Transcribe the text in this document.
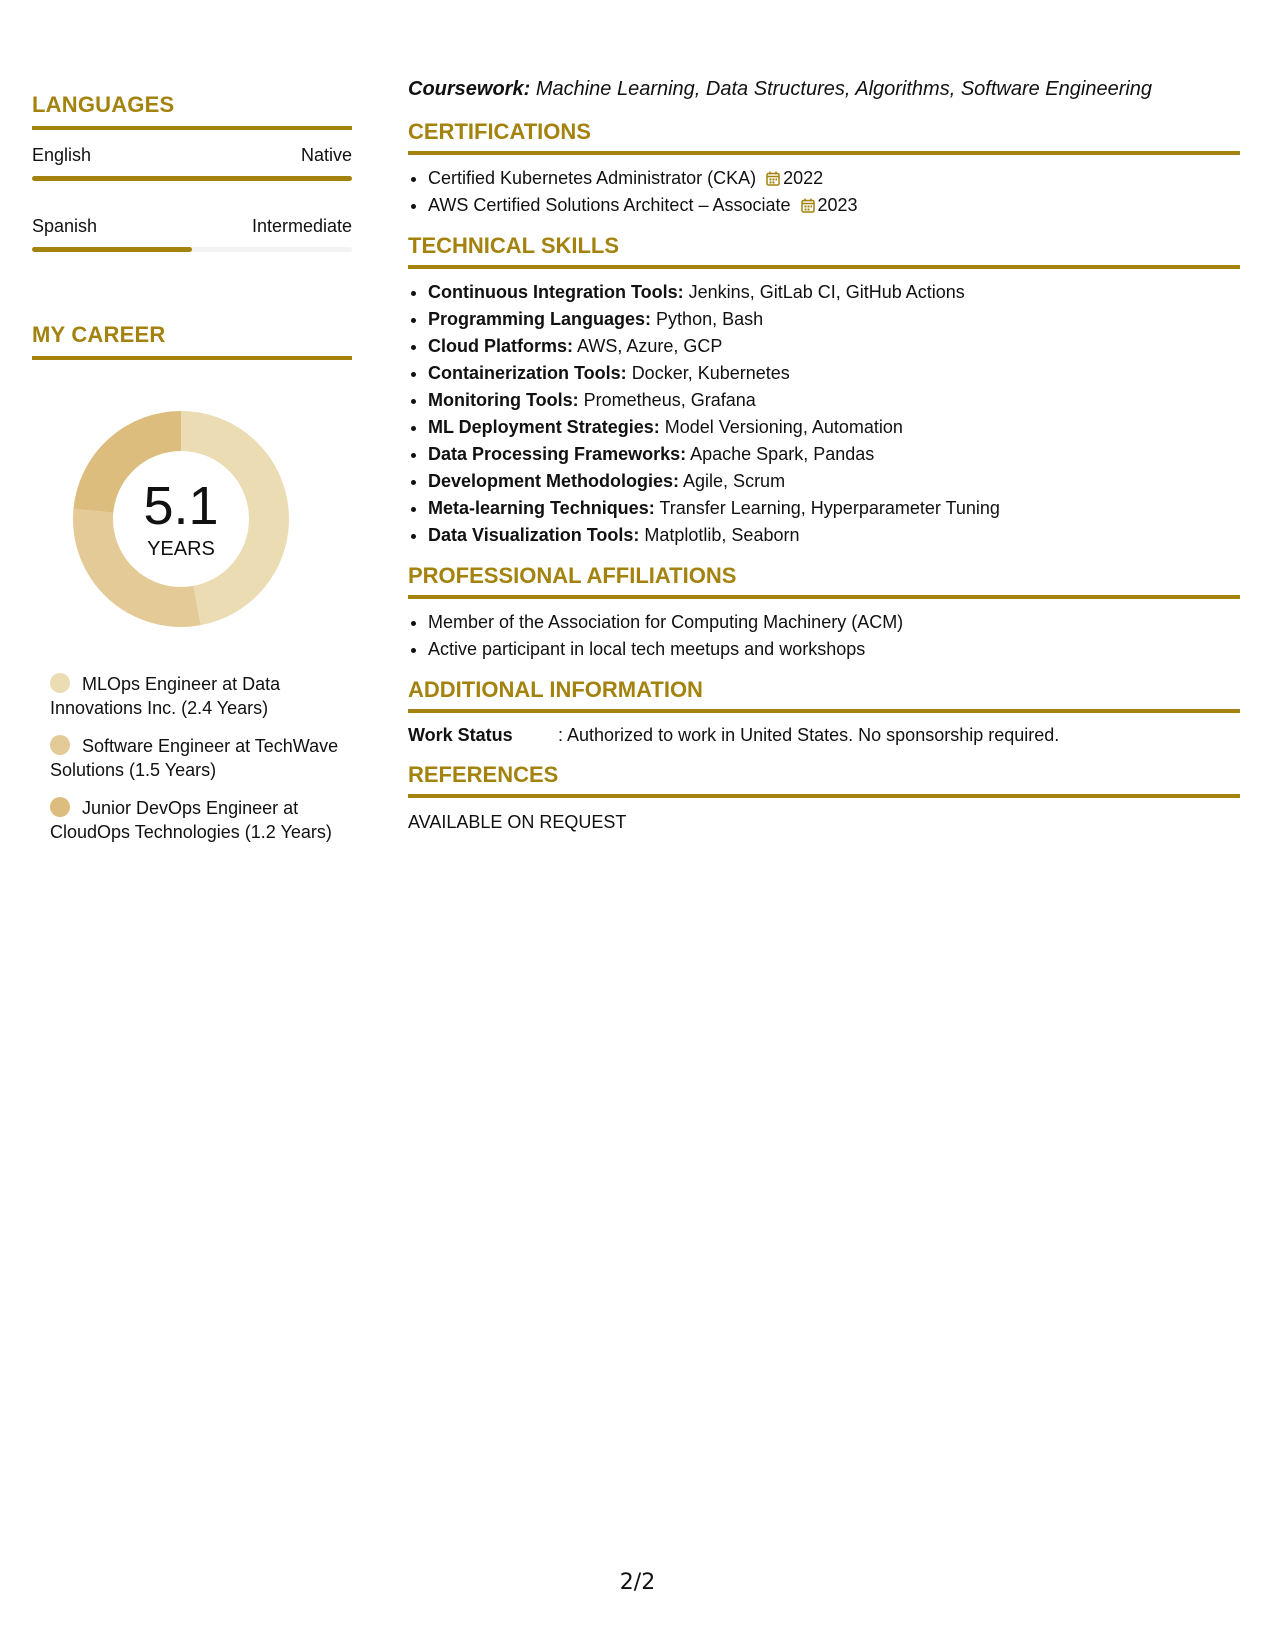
LANGUAGES
English	Native
Spanish	Intermediate
MY CAREER
5.1
YEARS
MLOps Engineer at Data Innovations Inc. (2.4 Years)
Software Engineer at TechWave Solutions (1.5 Years)
Junior DevOps Engineer at CloudOps Technologies (1.2 Years)

Coursework: Machine Learning, Data Structures, Algorithms, Software Engineering

CERTIFICATIONS
• Certified Kubernetes Administrator (CKA) 2022
• AWS Certified Solutions Architect – Associate 2023
TECHNICAL SKILLS
• Continuous Integration Tools: Jenkins, GitLab CI, GitHub Actions
• Programming Languages: Python, Bash
• Cloud Platforms: AWS, Azure, GCP
• Containerization Tools: Docker, Kubernetes
• Monitoring Tools: Prometheus, Grafana
• ML Deployment Strategies: Model Versioning, Automation
• Data Processing Frameworks: Apache Spark, Pandas
• Development Methodologies: Agile, Scrum
• Meta-learning Techniques: Transfer Learning, Hyperparameter Tuning
• Data Visualization Tools: Matplotlib, Seaborn
PROFESSIONAL AFFILIATIONS
• Member of the Association for Computing Machinery (ACM)
• Active participant in local tech meetups and workshops
ADDITIONAL INFORMATION
Work Status	: Authorized to work in United States. No sponsorship required.
REFERENCES

AVAILABLE ON REQUEST

2/2
